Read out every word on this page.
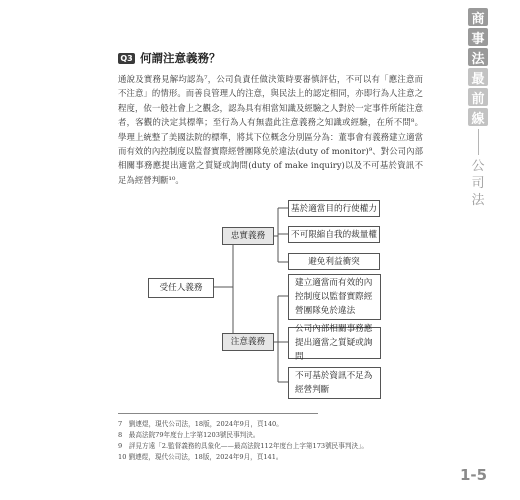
商
事
法
最
前
線
公
司
法
Q3 何謂注意義務？
通說及實務見解均認為⁷，公司負責任做決策時要審慎評估，不可以有「應注意而不注意」的情形。而善良管理人的注意，與民法上的認定相同，亦即行為人注意之程度，依一般社會上之觀念，認為具有相當知識及經驗之人對於一定事件所能注意者，客觀的決定其標準；至行為人有無盡此注意義務之知識或經驗，在所不問⁸。學理上統整了美國法院的標準，將其下位概念分別區分為：董事會有義務建立適當而有效的內控制度以監督實際經營團隊免於違法(duty of monitor)⁹、對公司內部相關事務應提出適當之質疑或詢問(duty of make inquiry)以及不可基於資訊不足為經營判斷¹⁰。
受任人義務
忠實義務
注意義務
基於適當目的行使權力
不可限縮自我的裁量權
避免利益衝突
建立適當而有效的內控制度以監督實際經營團隊免於違法
公司內部相關事務應提出適當之質疑或詢問
不可基於資訊不足為經營判斷
7　劉連煜，現代公司法，18版，2024年9月，頁140。
8　最高法院79年度台上字第1203號民事判決。
9　評見方遠「2.監督義務的具象化——最高法院112年度台上字第173號民事判決」。
10 劉連煜，現代公司法，18版，2024年9月，頁141。
1-5
